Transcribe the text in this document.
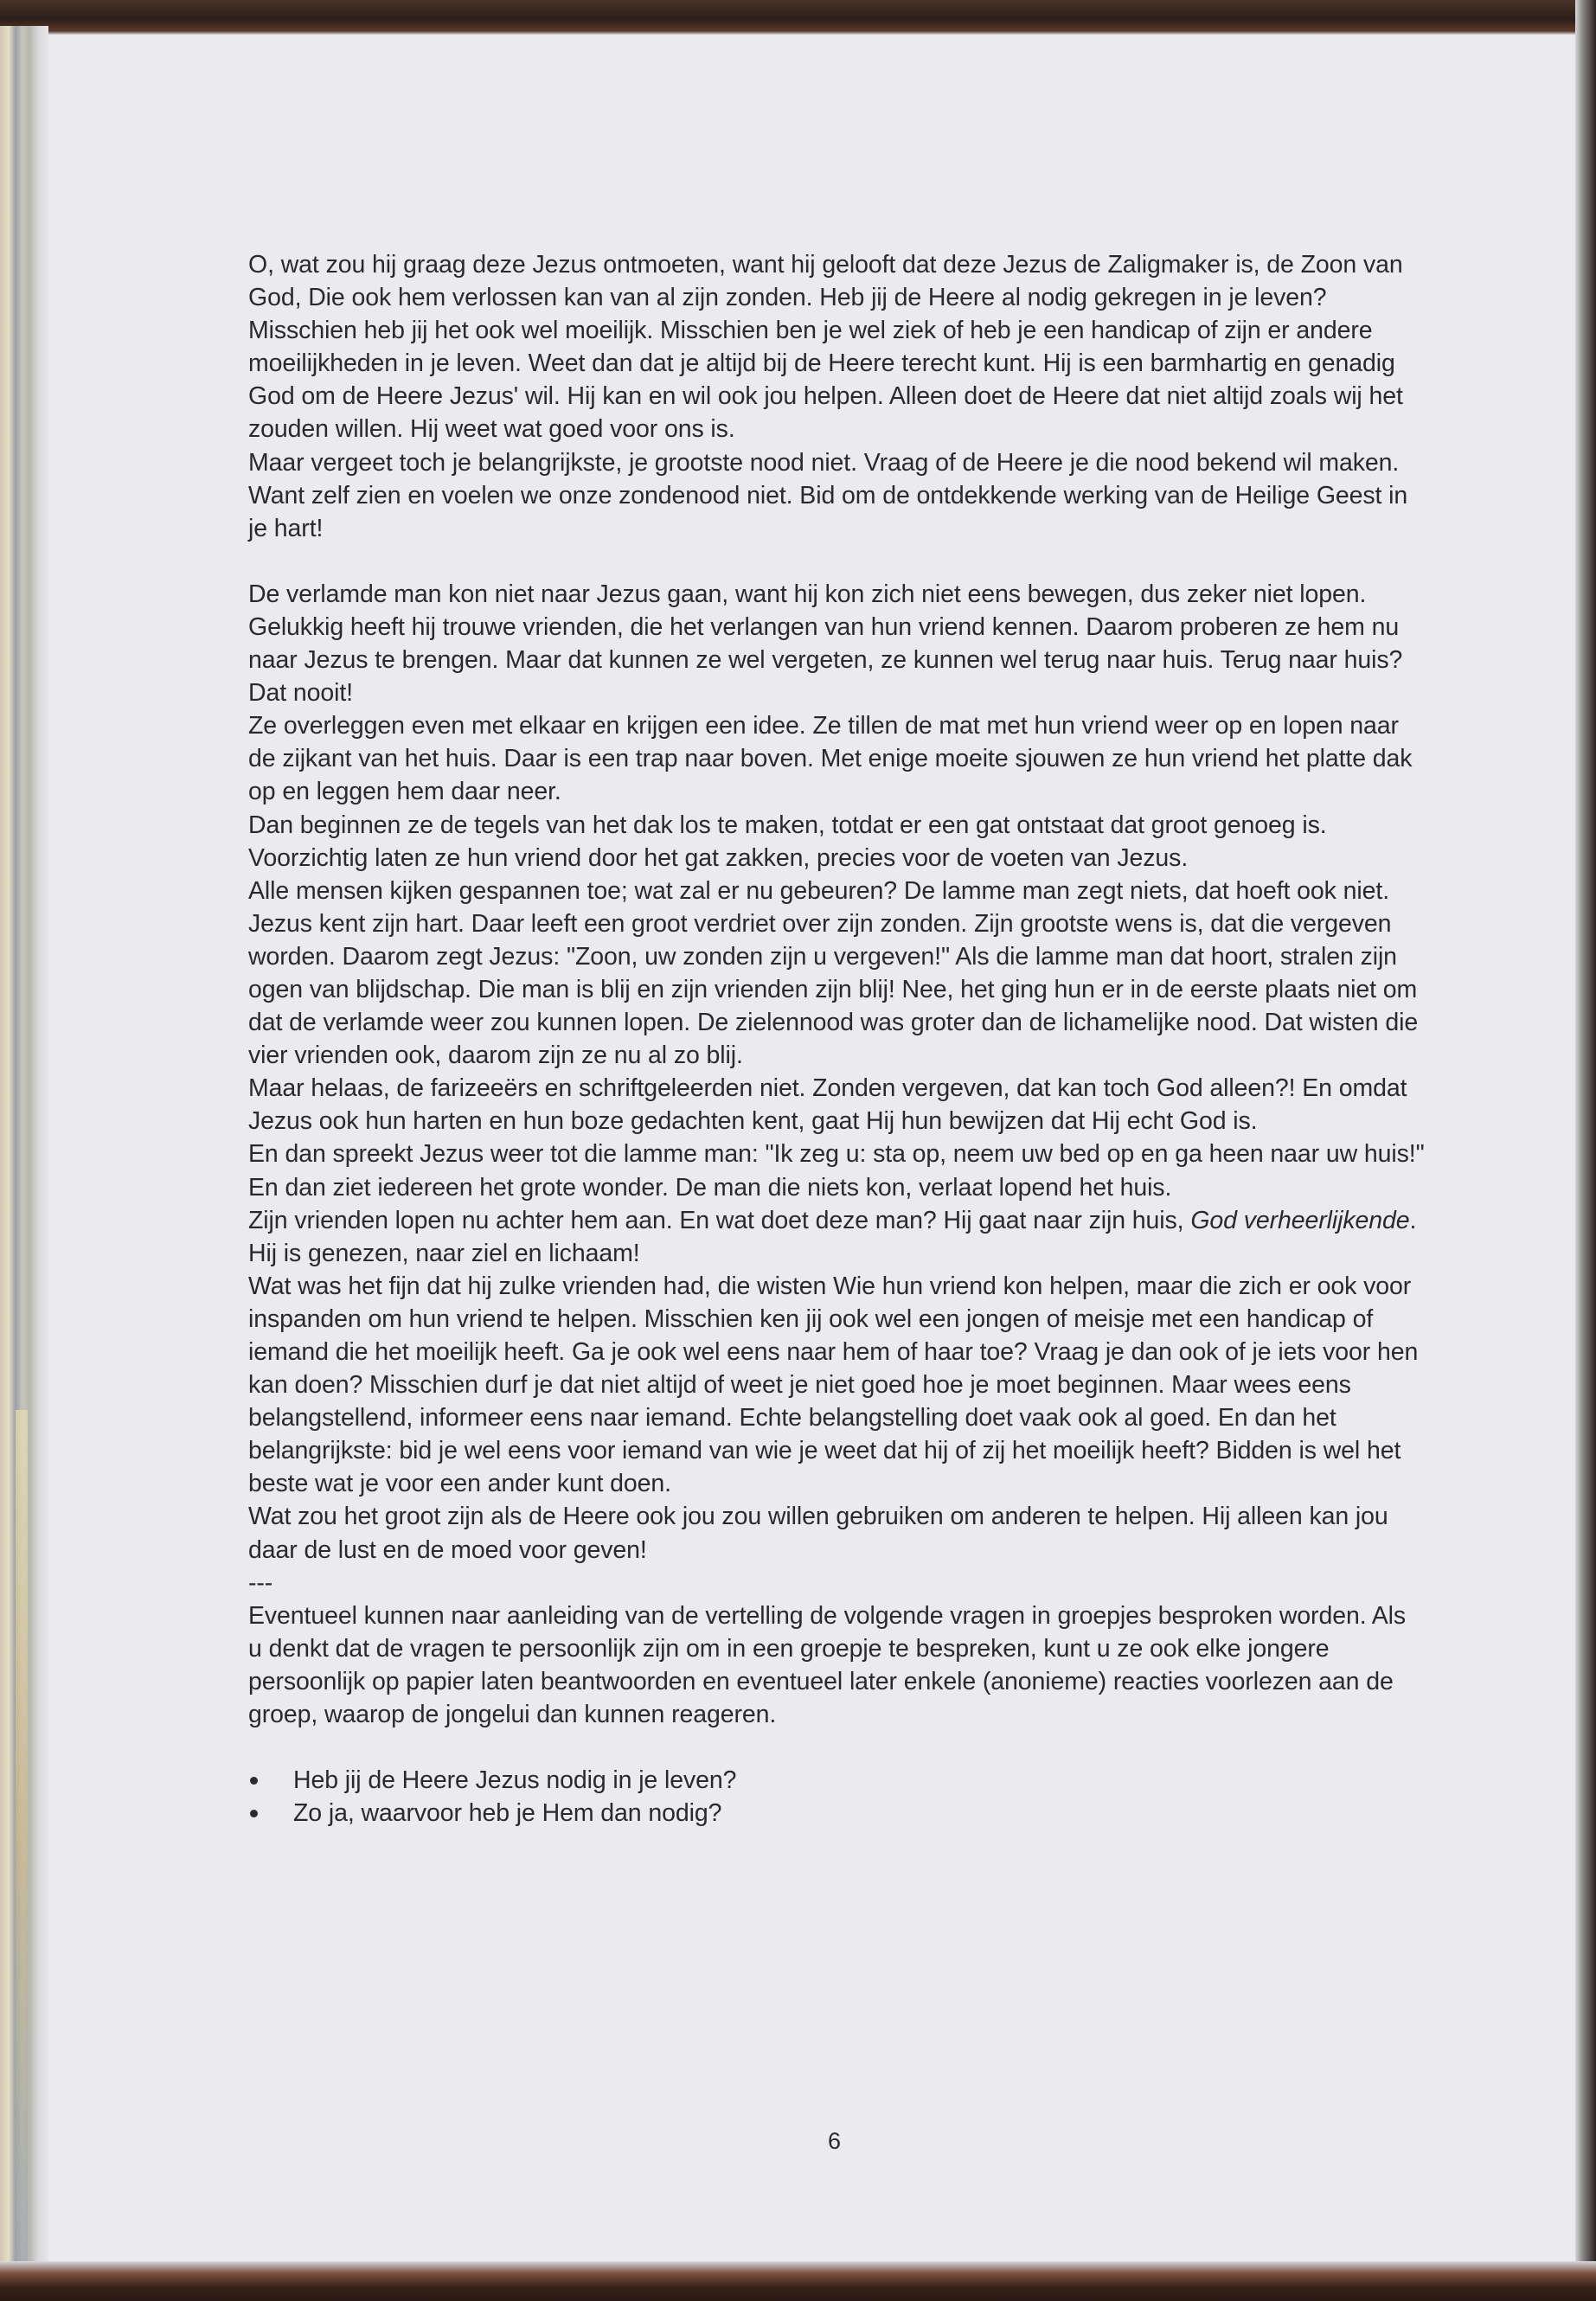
O, wat zou hij graag deze Jezus ontmoeten, want hij gelooft dat deze Jezus de Zaligmaker is, de Zoon van God, Die ook hem verlossen kan van al zijn zonden. Heb jij de Heere al nodig gekregen in je leven? Misschien heb jij het ook wel moeilijk. Misschien ben je wel ziek of heb je een handicap of zijn er andere moeilijkheden in je leven. Weet dan dat je altijd bij de Heere terecht kunt. Hij is een barmhartig en genadig God om de Heere Jezus' wil. Hij kan en wil ook jou helpen. Alleen doet de Heere dat niet altijd zoals wij het zouden willen. Hij weet wat goed voor ons is.

Maar vergeet toch je belangrijkste, je grootste nood niet. Vraag of de Heere je die nood bekend wil maken. Want zelf zien en voelen we onze zondenood niet. Bid om de ontdekkende werking van de Heilige Geest in je hart!

De verlamde man kon niet naar Jezus gaan, want hij kon zich niet eens bewegen, dus zeker niet lopen. Gelukkig heeft hij trouwe vrienden, die het verlangen van hun vriend kennen. Daarom proberen ze hem nu naar Jezus te brengen. Maar dat kunnen ze wel vergeten, ze kunnen wel terug naar huis. Terug naar huis? Dat nooit!

Ze overleggen even met elkaar en krijgen een idee. Ze tillen de mat met hun vriend weer op en lopen naar de zijkant van het huis. Daar is een trap naar boven. Met enige moeite sjouwen ze hun vriend het platte dak op en leggen hem daar neer.

Dan beginnen ze de tegels van het dak los te maken, totdat er een gat ontstaat dat groot genoeg is. Voorzichtig laten ze hun vriend door het gat zakken, precies voor de voeten van Jezus.

Alle mensen kijken gespannen toe; wat zal er nu gebeuren? De lamme man zegt niets, dat hoeft ook niet. Jezus kent zijn hart. Daar leeft een groot verdriet over zijn zonden. Zijn grootste wens is, dat die vergeven worden. Daarom zegt Jezus: "Zoon, uw zonden zijn u vergeven!" Als die lamme man dat hoort, stralen zijn ogen van blijdschap. Die man is blij en zijn vrienden zijn blij! Nee, het ging hun er in de eerste plaats niet om dat de verlamde weer zou kunnen lopen. De zielennood was groter dan de lichamelijke nood. Dat wisten die vier vrienden ook, daarom zijn ze nu al zo blij.

Maar helaas, de farizeeërs en schriftgeleerden niet. Zonden vergeven, dat kan toch God alleen?! En omdat Jezus ook hun harten en hun boze gedachten kent, gaat Hij hun bewijzen dat Hij echt God is.

En dan spreekt Jezus weer tot die lamme man: "Ik zeg u: sta op, neem uw bed op en ga heen naar uw huis!" En dan ziet iedereen het grote wonder. De man die niets kon, verlaat lopend het huis.

Zijn vrienden lopen nu achter hem aan. En wat doet deze man? Hij gaat naar zijn huis, God verheerlijkende. Hij is genezen, naar ziel en lichaam!

Wat was het fijn dat hij zulke vrienden had, die wisten Wie hun vriend kon helpen, maar die zich er ook voor inspanden om hun vriend te helpen. Misschien ken jij ook wel een jongen of meisje met een handicap of iemand die het moeilijk heeft. Ga je ook wel eens naar hem of haar toe? Vraag je dan ook of je iets voor hen kan doen? Misschien durf je dat niet altijd of weet je niet goed hoe je moet beginnen. Maar wees eens belangstellend, informeer eens naar iemand. Echte belangstelling doet vaak ook al goed. En dan het belangrijkste: bid je wel eens voor iemand van wie je weet dat hij of zij het moeilijk heeft? Bidden is wel het beste wat je voor een ander kunt doen.

Wat zou het groot zijn als de Heere ook jou zou willen gebruiken om anderen te helpen. Hij alleen kan jou daar de lust en de moed voor geven!

---

Eventueel kunnen naar aanleiding van de vertelling de volgende vragen in groepjes besproken worden. Als u denkt dat de vragen te persoonlijk zijn om in een groepje te bespreken, kunt u ze ook elke jongere persoonlijk op papier laten beantwoorden en eventueel later enkele (anonieme) reacties voorlezen aan de groep, waarop de jongelui dan kunnen reageren.

Heb jij de Heere Jezus nodig in je leven?
Zo ja, waarvoor heb je Hem dan nodig?
6
